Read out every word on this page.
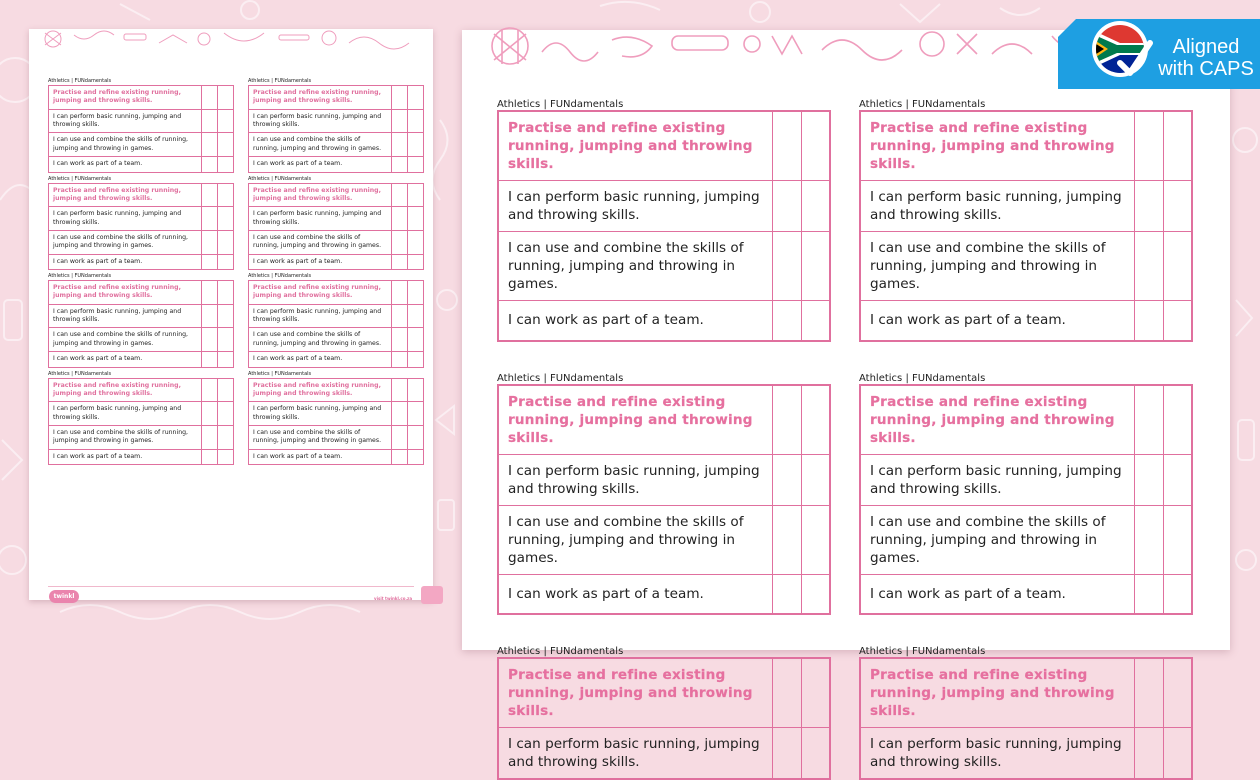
Athletics | FUNdamentals
Practise and refine existing running, jumping and throwing skills.		
I can perform basic running, jumping and throwing skills.		
I can use and combine the skills of running, jumping and throwing in games.		
I can work as part of a team.		
Athletics | FUNdamentals
Practise and refine existing running, jumping and throwing skills.		
I can perform basic running, jumping and throwing skills.		
I can use and combine the skills of running, jumping and throwing in games.		
I can work as part of a team.		
Athletics | FUNdamentals
Practise and refine existing running, jumping and throwing skills.		
I can perform basic running, jumping and throwing skills.		
I can use and combine the skills of running, jumping and throwing in games.		
I can work as part of a team.		
Athletics | FUNdamentals
Practise and refine existing running, jumping and throwing skills.		
I can perform basic running, jumping and throwing skills.		
I can use and combine the skills of running, jumping and throwing in games.		
I can work as part of a team.		
Athletics | FUNdamentals
Practise and refine existing running, jumping and throwing skills.		
I can perform basic running, jumping and throwing skills.		
I can use and combine the skills of running, jumping and throwing in games.		
I can work as part of a team.		
Athletics | FUNdamentals
Practise and refine existing running, jumping and throwing skills.		
I can perform basic running, jumping and throwing skills.		
I can use and combine the skills of running, jumping and throwing in games.		
I can work as part of a team.		
Athletics | FUNdamentals
Practise and refine existing running, jumping and throwing skills.		
I can perform basic running, jumping and throwing skills.		
I can use and combine the skills of running, jumping and throwing in games.		
I can work as part of a team.		
Athletics | FUNdamentals
Practise and refine existing running, jumping and throwing skills.		
I can perform basic running, jumping and throwing skills.		
I can use and combine the skills of running, jumping and throwing in games.		
I can work as part of a team.		
twinkl	visit twinkl.co.za
Athletics | FUNdamentals
Practise and refine existing running, jumping and throwing skills.		
I can perform basic running, jumping and throwing skills.		
I can use and combine the skills of running, jumping and throwing in games.		
I can work as part of a team.		
Athletics | FUNdamentals
Practise and refine existing running, jumping and throwing skills.		
I can perform basic running, jumping and throwing skills.		
I can use and combine the skills of running, jumping and throwing in games.		
I can work as part of a team.		
Athletics | FUNdamentals
Practise and refine existing running, jumping and throwing skills.		
I can perform basic running, jumping and throwing skills.		
I can use and combine the skills of running, jumping and throwing in games.		
I can work as part of a team.		
Athletics | FUNdamentals
Practise and refine existing running, jumping and throwing skills.		
I can perform basic running, jumping and throwing skills.		
I can use and combine the skills of running, jumping and throwing in games.		
I can work as part of a team.		
Athletics | FUNdamentals
Practise and refine existing running, jumping and throwing skills.		
I can perform basic running, jumping and throwing skills.		
Athletics | FUNdamentals
Practise and refine existing running, jumping and throwing skills.		
I can perform basic running, jumping and throwing skills.		
Aligned
with CAPS
